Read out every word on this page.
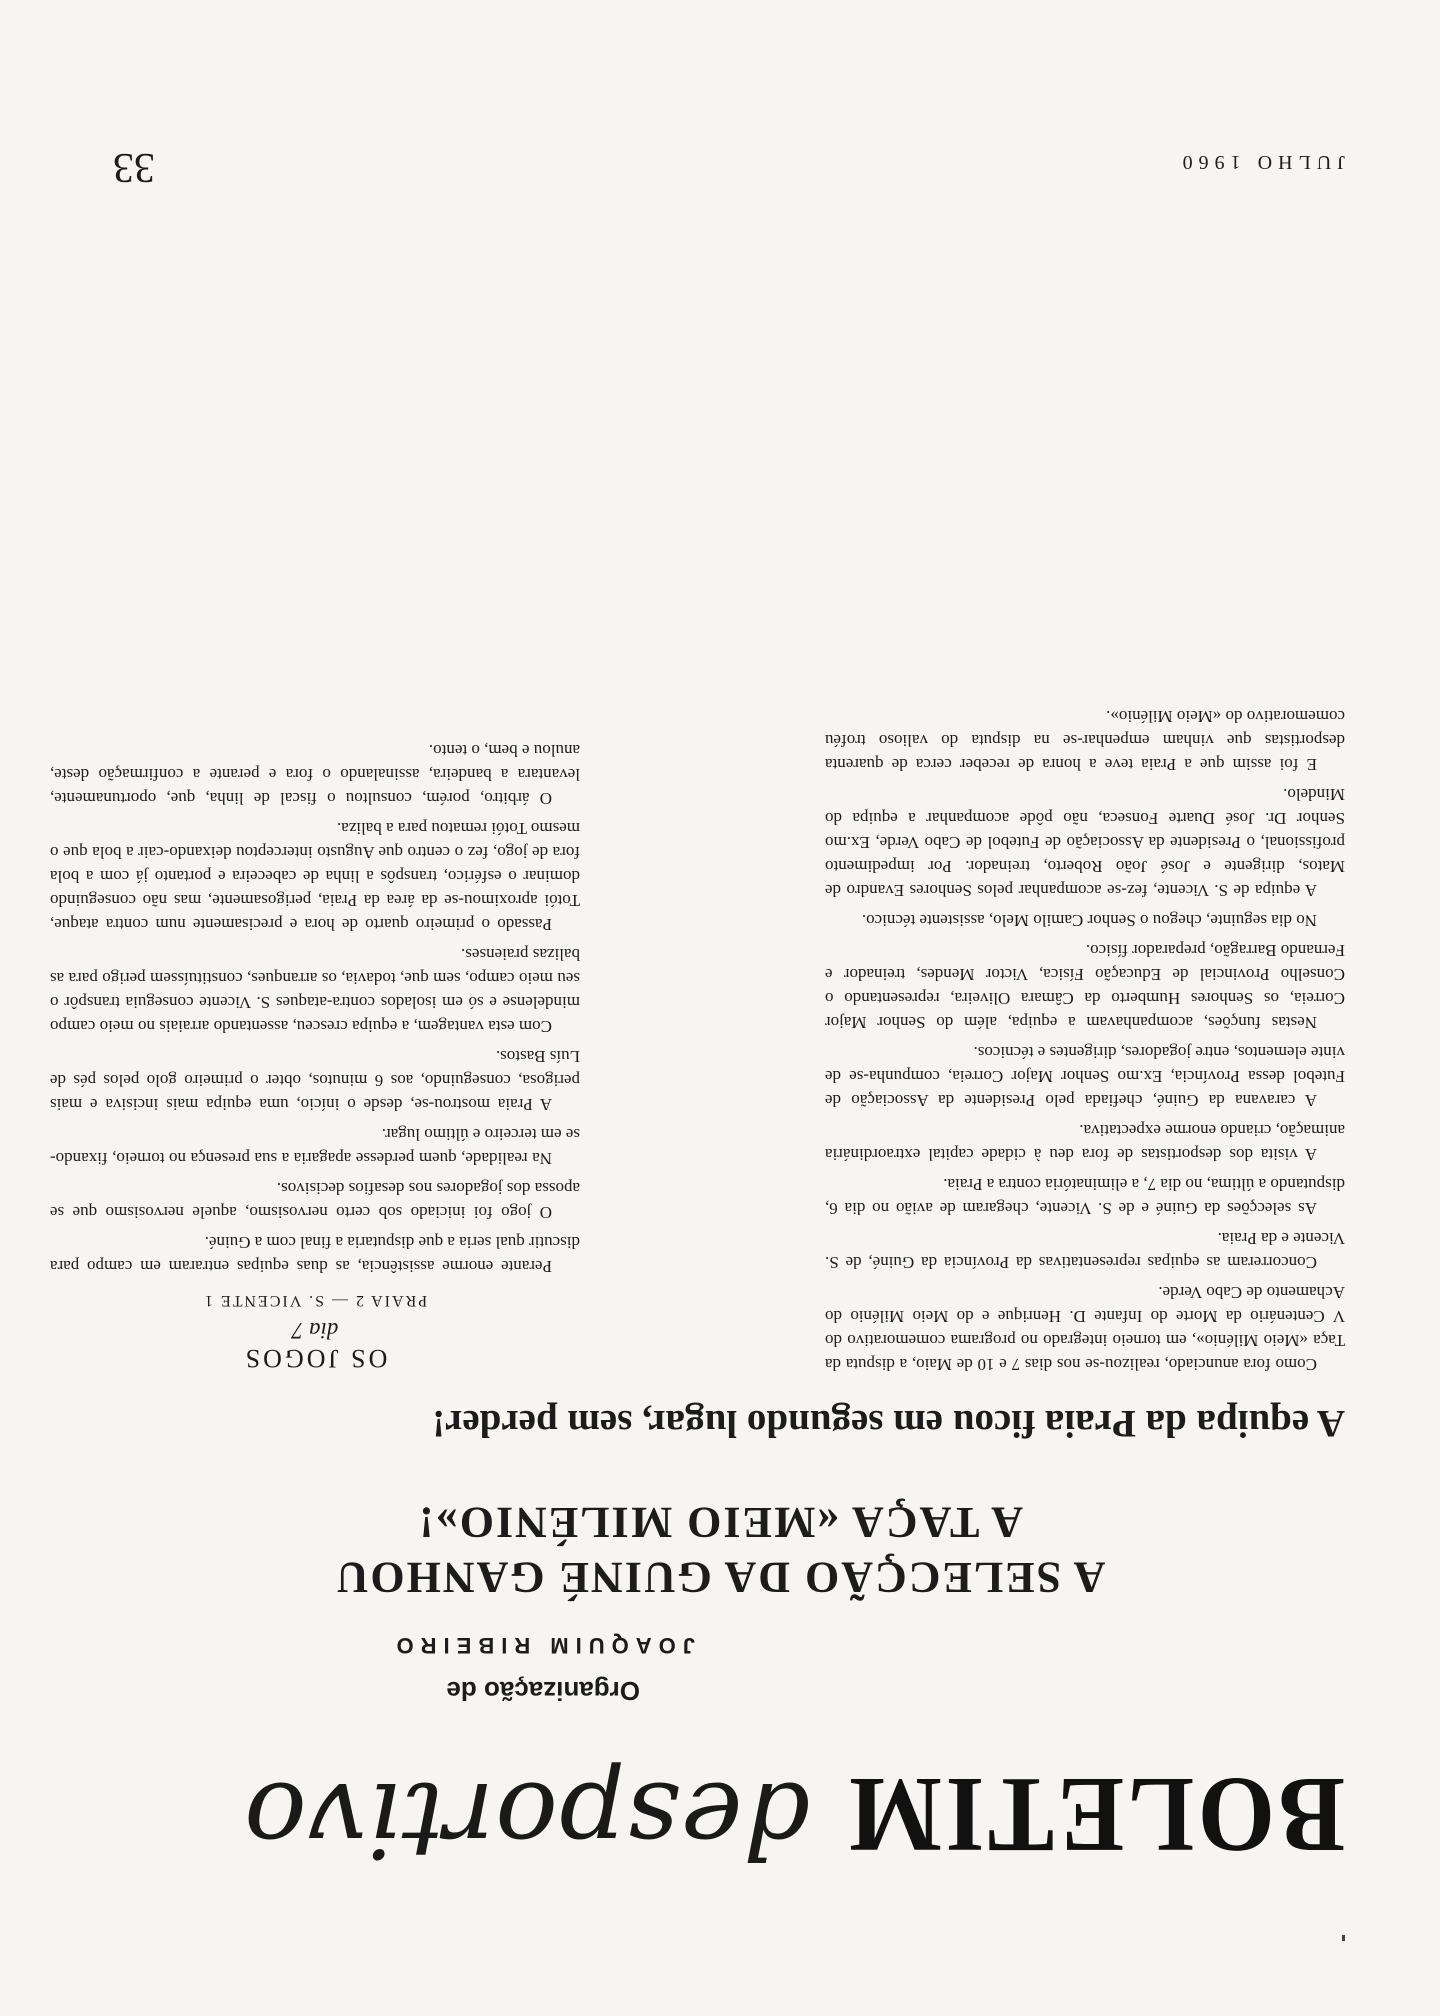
BOLETIM
desportivo
Organização de
JOAQUIM RIBEIRO
A SELECÇÃO DA GUINÉ GANHOU
A TAÇA «MEIO MILÉNIO»!
A equipa da Praia ficou em segundo lugar, sem perder!

Como fora anunciado, realizou-se nos dias 7 e 10 de Maio, a disputa da Taça «Meio Milénio», em torneio integrado no programa comemorativo do V Centenário da Morte do Infante D. Henrique e do Meio Milénio do Achamento de Cabo Verde.

Concorreram as equipas representativas da Província da Guiné, de S. Vicente e da Praia.

As selecções da Guiné e de S. Vicente, chegaram de avião no dia 6, disputando a última, no dia 7, a eliminatória contra a Praia.

A visita dos desportistas de fora deu à cidade capital extraordinária animação, criando enorme expectativa.

A caravana da Guiné, chefiada pelo Presidente da Associação de Futebol dessa Província, Ex.mo Senhor Major Correia, compunha-se de vinte elementos, entre jogadores, dirigentes e técnicos.

Nestas funções, acompanhavam a equipa, além do Senhor Major Correia, os Senhores Humberto da Câmara Oliveira, representando o Conselho Provincial de Educação Física, Victor Mendes, treinador e Fernando Barragão, preparador físico.

No dia seguinte, chegou o Senhor Camilo Melo, assistente técnico.

A equipa de S. Vicente, fez-se acompanhar pelos Senhores Evandro de Matos, dirigente e José João Roberto, treinador. Por impedimento profissional, o Presidente da Associação de Futebol de Cabo Verde, Ex.mo Senhor Dr. José Duarte Fonseca, não pôde acompanhar a equipa do Mindelo.

E foi assim que a Praia teve a honra de receber cerca de quarenta desportistas que vinham empenhar-se na disputa do valioso troféu comemorativo do «Meio Milénio».

OS JOGOS
dia 7
PRAIA 2 — S. VICENTE 1

Perante enorme assistência, as duas equipas entraram em campo para discutir qual seria a que disputaria a final com a Guiné.

O jogo foi iniciado sob certo nervosismo, aquele nervosismo que se apossa dos jogadores nos desafios decisivos.

Na realidade, quem perdesse apagaria a sua presença no torneio, fixando-se em terceiro e último lugar.

A Praia mostrou-se, desde o início, uma equipa mais incisiva e mais perigosa, conseguindo, aos 6 minutos, obter o primeiro golo pelos pés de Luís Bastos.

Com esta vantagem, a equipa cresceu, assentando arraiais no meio campo mindelense e só em isolados contra-ataques S. Vicente conseguia transpôr o seu meio campo, sem que, todavia, os arranques, constituíssem perigo para as balizas praienses.

Passado o primeiro quarto de hora e precisamente num contra ataque, Totói aproximou-se da área da Praia, perigosamente, mas não conseguindo dominar o esférico, transpôs a linha de cabeceira e portanto já com a bola fora de jogo, fez o centro que Augusto interceptou deixando-cair a bola que o mesmo Totói rematou para a baliza.

O árbitro, porém, consultou o fiscal de linha, que, oportunamente, levantara a bandeira, assinalando o fora e perante a confirmação deste, anulou e bem, o tento.

JULHO 1960
33
